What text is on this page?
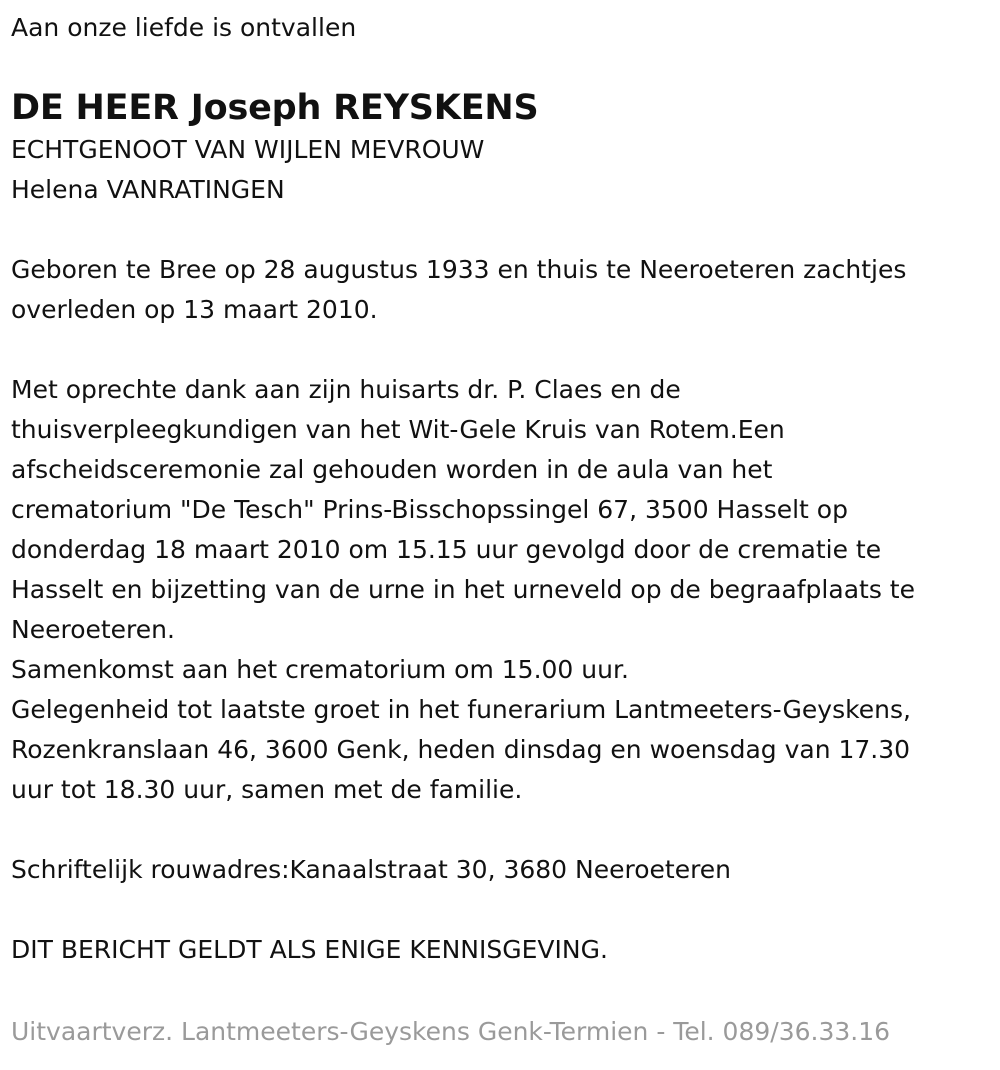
Aan onze liefde is ontvallen
DE HEER Joseph REYSKENS
ECHTGENOOT VAN WIJLEN MEVROUW
Helena VANRATINGEN
Geboren te Bree op 28 augustus 1933 en thuis te Neeroeteren zachtjes
overleden op 13 maart 2010.
Met oprechte dank aan zijn huisarts dr. P. Claes en de
thuisverpleegkundigen van het Wit-Gele Kruis van Rotem.Een
afscheidsceremonie zal gehouden worden in de aula van het
crematorium "De Tesch" Prins-Bisschopssingel 67, 3500 Hasselt op
donderdag 18 maart 2010 om 15.15 uur gevolgd door de crematie te
Hasselt en bijzetting van de urne in het urneveld op de begraafplaats te
Neeroeteren.
Samenkomst aan het crematorium om 15.00 uur.
Gelegenheid tot laatste groet in het funerarium Lantmeeters-Geyskens,
Rozenkranslaan 46, 3600 Genk, heden dinsdag en woensdag van 17.30
uur tot 18.30 uur, samen met de familie.
Schriftelijk rouwadres:Kanaalstraat 30, 3680 Neeroeteren
DIT BERICHT GELDT ALS ENIGE KENNISGEVING.
Uitvaartverz. Lantmeeters-Geyskens Genk-Termien - Tel. 089/36.33.16
